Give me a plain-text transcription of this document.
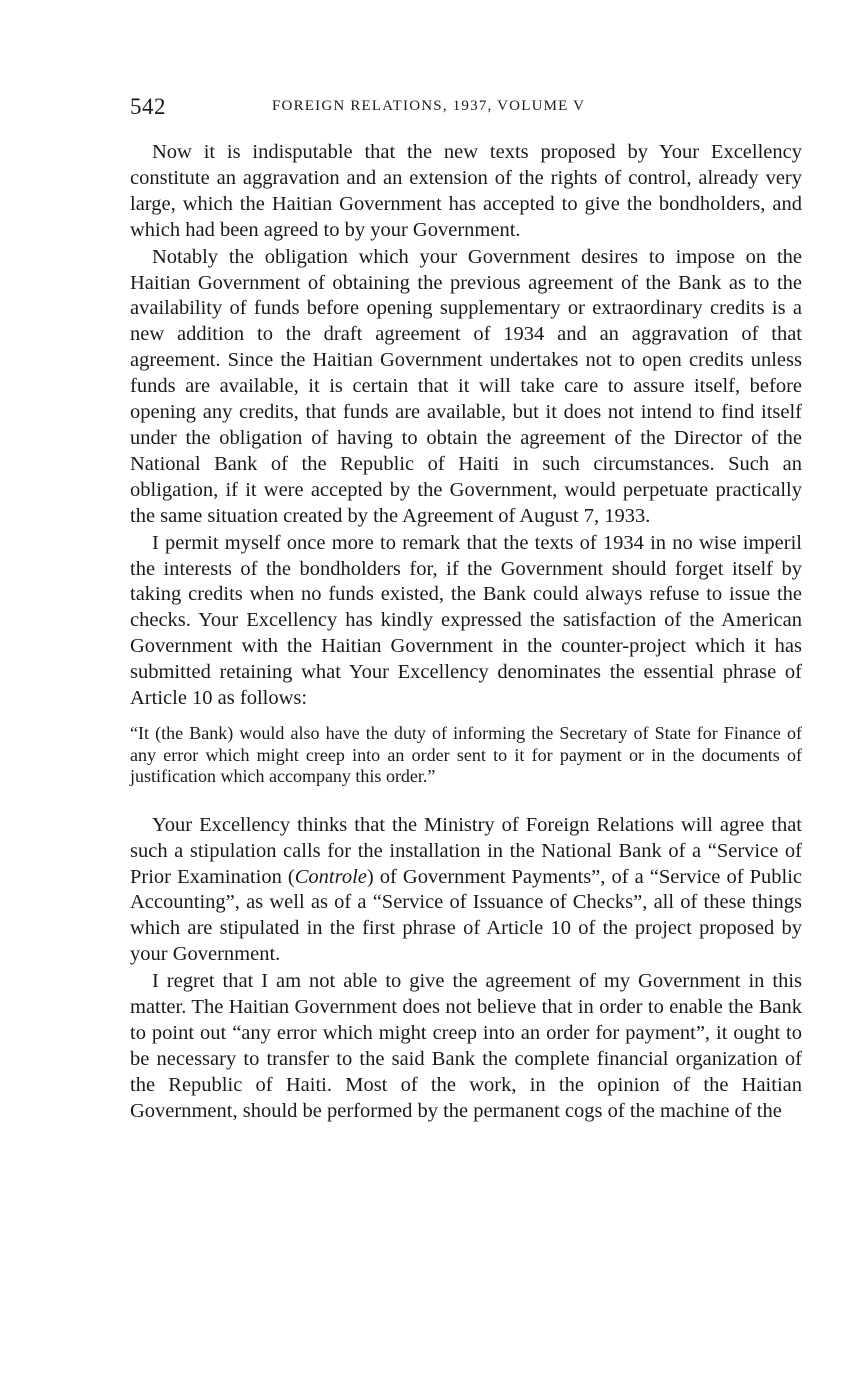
542	FOREIGN RELATIONS, 1937, VOLUME V

Now it is indisputable that the new texts proposed by Your Excellency constitute an aggravation and an extension of the rights of control, already very large, which the Haitian Government has accepted to give the bondholders, and which had been agreed to by your Government.

Notably the obligation which your Government desires to impose on the Haitian Government of obtaining the previous agreement of the Bank as to the availability of funds before opening supplementary or extraordinary credits is a new addition to the draft agreement of 1934 and an aggravation of that agreement. Since the Haitian Government undertakes not to open credits unless funds are available, it is certain that it will take care to assure itself, before opening any credits, that funds are available, but it does not intend to find itself under the obligation of having to obtain the agreement of the Director of the National Bank of the Republic of Haiti in such circumstances. Such an obligation, if it were accepted by the Government, would perpetuate practically the same situation created by the Agreement of August 7, 1933.

I permit myself once more to remark that the texts of 1934 in no wise imperil the interests of the bondholders for, if the Government should forget itself by taking credits when no funds existed, the Bank could always refuse to issue the checks. Your Excellency has kindly expressed the satisfaction of the American Government with the Haitian Government in the counter-project which it has submitted retaining what Your Excellency denominates the essential phrase of Article 10 as follows:

“It (the Bank) would also have the duty of informing the Secretary of State for Finance of any error which might creep into an order sent to it for payment or in the documents of justification which accompany this order.”

Your Excellency thinks that the Ministry of Foreign Relations will agree that such a stipulation calls for the installation in the National Bank of a “Service of Prior Examination (Controle) of Government Payments”, of a “Service of Public Accounting”, as well as of a “Service of Issuance of Checks”, all of these things which are stipulated in the first phrase of Article 10 of the project proposed by your Government.

I regret that I am not able to give the agreement of my Government in this matter. The Haitian Government does not believe that in order to enable the Bank to point out “any error which might creep into an order for payment”, it ought to be necessary to transfer to the said Bank the complete financial organization of the Republic of Haiti. Most of the work, in the opinion of the Haitian Government, should be performed by the permanent cogs of the machine of the
